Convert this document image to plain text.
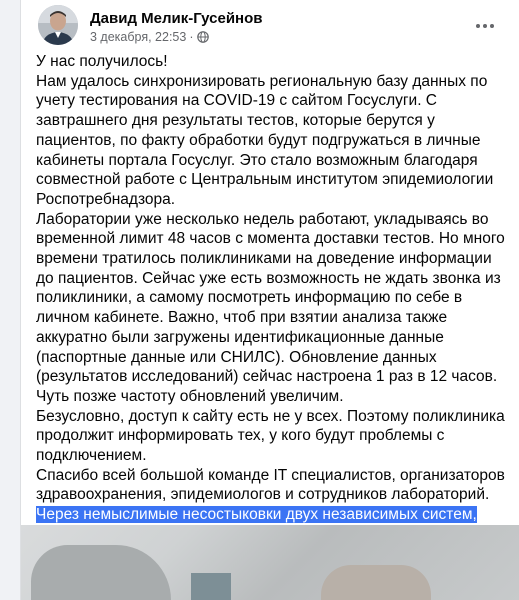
Давид Мелик-Гусейнов
3 декабря, 22:53 ·

У нас получилось!
Нам удалось синхронизировать региональную базу данных по учету тестирования на COVID-19 с сайтом Госуслуги. С завтрашнего дня результаты тестов, которые берутся у пациентов, по факту обработки будут подгружаться в личные кабинеты портала Госуслуг. Это стало возможным благодаря совместной работе с Центральным институтом эпидемиологии Роспотребнадзора.

Лаборатории уже несколько недель работают, укладываясь во временной лимит 48 часов с момента доставки тестов. Но много времени тратилось поликлиниками на доведение информации до пациентов. Сейчас уже есть возможность не ждать звонка из поликлиники, а самому посмотреть информацию по себе в личном кабинете. Важно, чтоб при взятии анализа также аккуратно были загружены идентификационные данные (паспортные данные или СНИЛС). Обновление данных (результатов исследований) сейчас настроена 1 раз в 12 часов. Чуть позже частоту обновлений увеличим.

Безусловно, доступ к сайту есть не у всех. Поэтому поликлиника продолжит информировать тех, у кого будут проблемы с подключением.

Спасибо всей большой команде IT специалистов, организаторов здравоохранения, эпидемиологов и сотрудников лабораторий. Через немыслимые несостыковки двух независимых систем,
